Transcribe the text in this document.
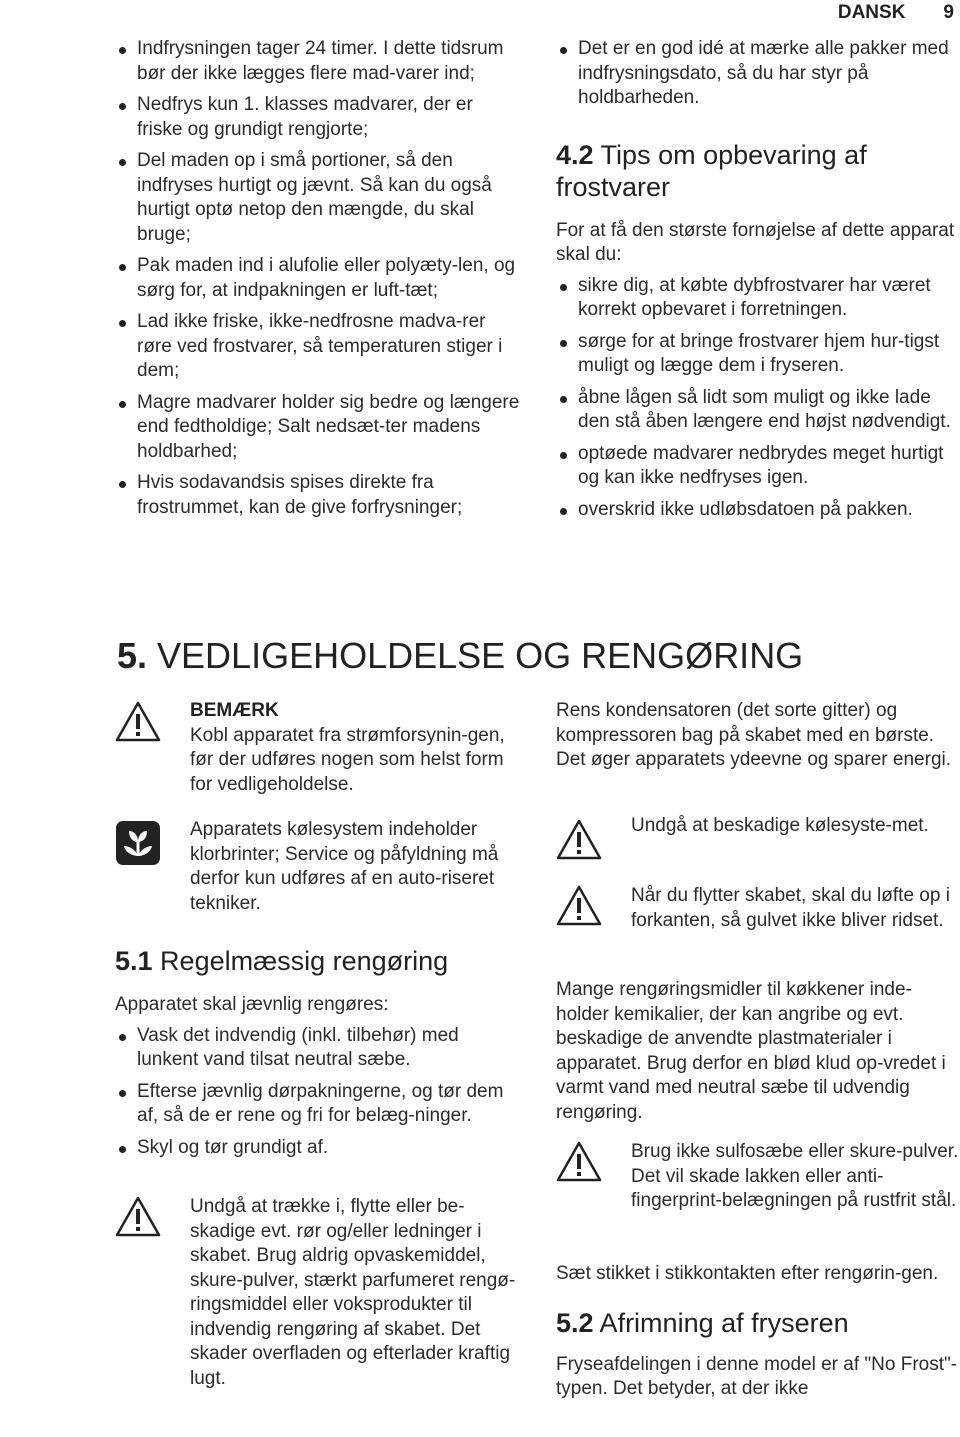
DANSK 9
Indfrysningen tager 24 timer. I dette tidsrum bør der ikke lægges flere mad-varer ind;
Nedfrys kun 1. klasses madvarer, der er friske og grundigt rengjorte;
Del maden op i små portioner, så den indfryses hurtigt og jævnt. Så kan du også hurtigt optø netop den mængde, du skal bruge;
Pak maden ind i alufolie eller polyæty-len, og sørg for, at indpakningen er luft-tæt;
Lad ikke friske, ikke-nedfrosne madva-rer røre ved frostvarer, så temperaturen stiger i dem;
Magre madvarer holder sig bedre og længere end fedtholdige; Salt nedsæt-ter madens holdbarhed;
Hvis sodavandsis spises direkte fra frostrummet, kan de give forfrysninger;
Det er en god idé at mærke alle pakker med indfrysningsdato, så du har styr på holdbarheden.
4.2 Tips om opbevaring af frostvarer

For at få den største fornøjelse af dette apparat skal du:

sikre dig, at købte dybfrostvarer har været korrekt opbevaret i forretningen.
sørge for at bringe frostvarer hjem hur-tigst muligt og lægge dem i fryseren.
åbne lågen så lidt som muligt og ikke lade den stå åben længere end højst nødvendigt.
optøede madvarer nedbrydes meget hurtigt og kan ikke nedfryses igen.
overskrid ikke udløbsdatoen på pakken.
5. VEDLIGEHOLDELSE OG RENGØRING

BEMÆRK

Kobl apparatet fra strømforsynin-gen, før der udføres nogen som helst form for vedligeholdelse.

Apparatets kølesystem indeholder klorbrinter; Service og påfyldning må derfor kun udføres af en auto-riseret tekniker.

5.1 Regelmæssig rengøring

Apparatet skal jævnlig rengøres:

Vask det indvendig (inkl. tilbehør) med lunkent vand tilsat neutral sæbe.
Efterse jævnlig dørpakningerne, og tør dem af, så de er rene og fri for belæg-ninger.
Skyl og tør grundigt af.

Undgå at trække i, flytte eller be-skadige evt. rør og/eller ledninger i skabet. Brug aldrig opvaskemiddel, skure-pulver, stærkt parfumeret rengø-ringsmiddel eller voksprodukter til indvendig rengøring af skabet. Det skader overfladen og efterlader kraftig lugt.

Rens kondensatoren (det sorte gitter) og kompressoren bag på skabet med en børste. Det øger apparatets ydeevne og sparer energi.

Undgå at beskadige kølesyste-met.

Når du flytter skabet, skal du løfte op i forkanten, så gulvet ikke bliver ridset.

Mange rengøringsmidler til køkkener inde-holder kemikalier, der kan angribe og evt. beskadige de anvendte plastmaterialer i apparatet. Brug derfor en blød klud op-vredet i varmt vand med neutral sæbe til udvendig rengøring.

Brug ikke sulfosæbe eller skure-pulver. Det vil skade lakken eller anti-fingerprint-belægningen på rustfrit stål.

Sæt stikket i stikkontakten efter rengørin-gen.

5.2 Afrimning af fryseren

Fryseafdelingen i denne model er af "No Frost"-typen. Det betyder, at der ikke
